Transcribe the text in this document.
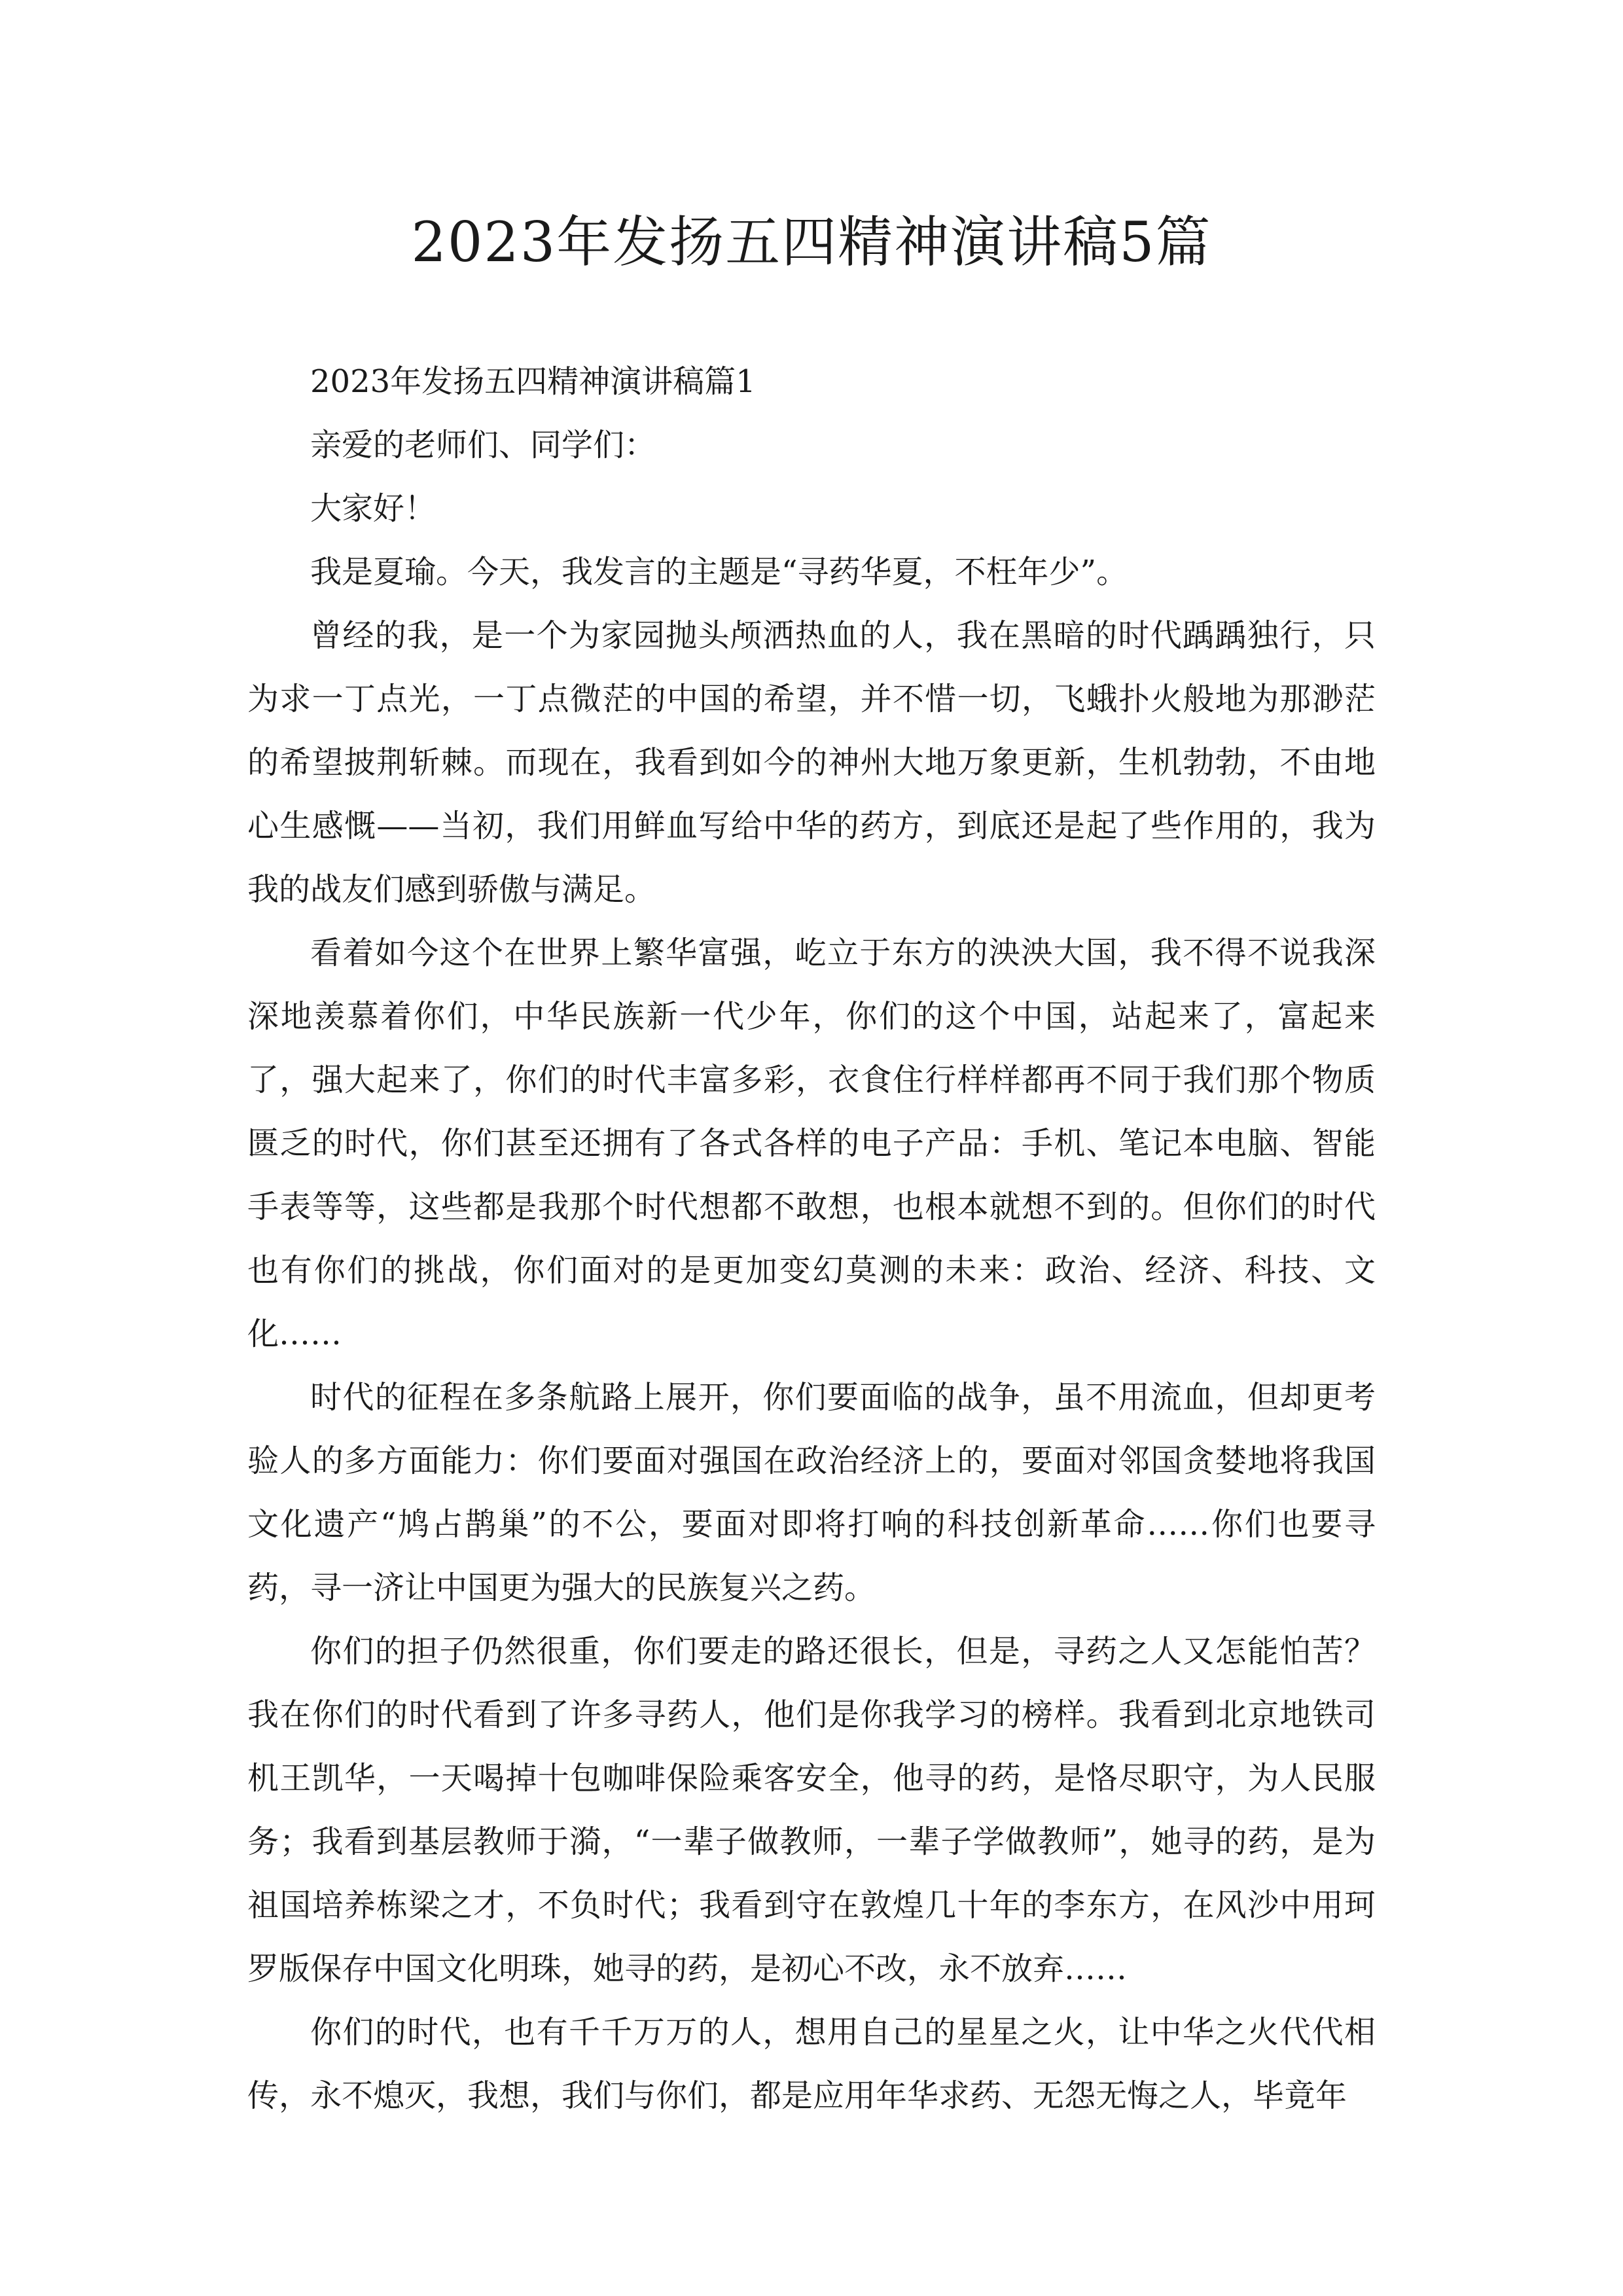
2023年发扬五四精神演讲稿5篇

2023年发扬五四精神演讲稿篇1

亲爱的老师们、同学们：

大家好！

我是夏瑜。今天，我发言的主题是“寻药华夏，不枉年少”。

曾经的我，是一个为家园抛头颅洒热血的人，我在黑暗的时代踽踽独行，只为求一丁点光，一丁点微茫的中国的希望，并不惜一切，飞蛾扑火般地为那渺茫的希望披荆斩棘。而现在，我看到如今的神州大地万象更新，生机勃勃，不由地心生感慨——当初，我们用鲜血写给中华的药方，到底还是起了些作用的，我为我的战友们感到骄傲与满足。

看着如今这个在世界上繁华富强，屹立于东方的泱泱大国，我不得不说我深深地羡慕着你们，中华民族新一代少年，你们的这个中国，站起来了，富起来了，强大起来了，你们的时代丰富多彩，衣食住行样样都再不同于我们那个物质匮乏的时代，你们甚至还拥有了各式各样的电子产品：手机、笔记本电脑、智能手表等等，这些都是我那个时代想都不敢想，也根本就想不到的。但你们的时代也有你们的挑战，你们面对的是更加变幻莫测的未来：政治、经济、科技、文化……

时代的征程在多条航路上展开，你们要面临的战争，虽不用流血，但却更考验人的多方面能力：你们要面对强国在政治经济上的，要面对邻国贪婪地将我国文化遗产“鸠占鹊巢”的不公，要面对即将打响的科技创新革命……你们也要寻药，寻一济让中国更为强大的民族复兴之药。

你们的担子仍然很重，你们要走的路还很长，但是，寻药之人又怎能怕苦？我在你们的时代看到了许多寻药人，他们是你我学习的榜样。我看到北京地铁司机王凯华，一天喝掉十包咖啡保险乘客安全，他寻的药，是恪尽职守，为人民服务；我看到基层教师于漪，“一辈子做教师，一辈子学做教师”，她寻的药，是为祖国培养栋梁之才，不负时代；我看到守在敦煌几十年的李东方，在风沙中用珂罗版保存中国文化明珠，她寻的药，是初心不改，永不放弃……

你们的时代，也有千千万万的人，想用自己的星星之火，让中华之火代代相传，永不熄灭，我想，我们与你们，都是应用年华求药、无怨无悔之人，毕竟年
